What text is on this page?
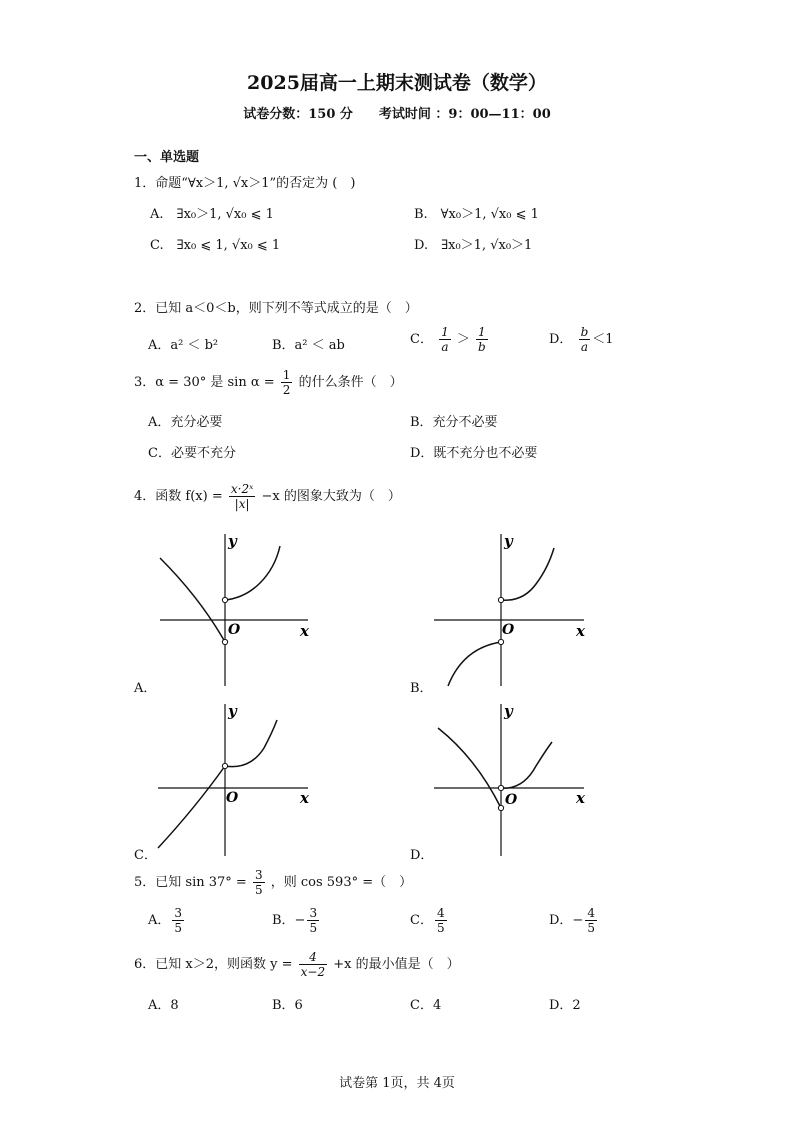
2025届高一上期末测试卷（数学）
试卷分数：150 分　　考试时间 ：9：00—11：00
一、单选题
1．命题“∀x＞1, √x＞1”的否定为 (　)
A.　∃x₀＞1, √x₀ ⩽ 1	B.　∀x₀＞1, √x₀ ⩽ 1
C.　∃x₀ ⩽ 1, √x₀ ⩽ 1	D.　∃x₀＞1, √x₀＞1
2．已知 a＜0＜b，则下列不等式成立的是（　）
A．a² ＜ b²	B．a² ＜ ab	C． $\frac{1}{a} > \frac{1}{b}$	D． $\frac{b}{a} <1$
3．α = 30° 是 $\sin \alpha = \frac{1}{2}$ 的什么条件（　）
A．充分必要	B．充分不必要
C．必要不充分	D．既不充分也不必要
4．函数 $f(x) = \frac{\text{x·2ˣ}}{|x|} -x$ 的图象大致为（　）
y
x
O
A．
y
x
O
B．
y
x
O
C．
y
x
O
D．
5．已知 $\sin 37^\circ = \frac{3}{5}$ ，则 cos 593° =（　）
A． $\frac{3}{5}$	B．− $\frac{3}{5}$	C． $\frac{4}{5}$	D．− $\frac{4}{5}$
6．已知 x＞2，则函数 $y = \frac{4}{x-2} +x$ 的最小值是（　）
A．8	B．6	C．4	D．2
试卷第 1页，共 4页
